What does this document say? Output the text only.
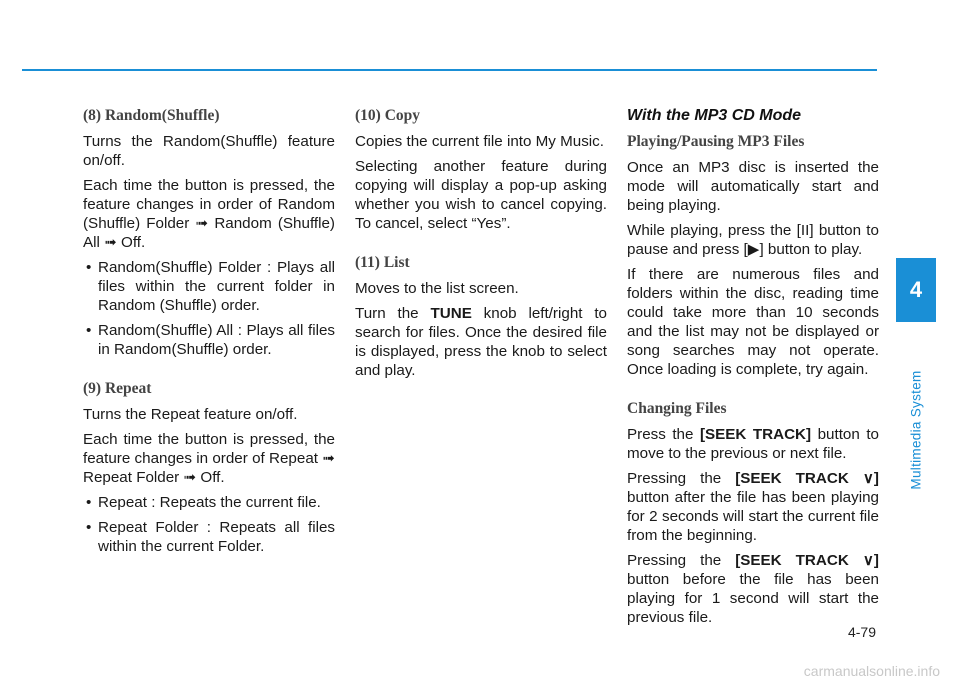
(8) Random(Shuffle)

Turns the Random(Shuffle) feature on/off.

Each time the button is pressed, the feature changes in order of Random (Shuffle) Folder ➟ Random (Shuffle) All ➟ Off.

• Random(Shuffle) Folder : Plays all files within the current folder in Random (Shuffle) order.
• Random(Shuffle) All : Plays all files in Random(Shuffle) order.
(9) Repeat

Turns the Repeat feature on/off.

Each time the button is pressed, the feature changes in order of Repeat ➟ Repeat Folder ➟ Off.

• Repeat : Repeats the current file.
• Repeat Folder : Repeats all files within the current Folder.
(10) Copy

Copies the current file into My Music.

Selecting another feature during copying will display a pop-up asking whether you wish to cancel copying. To cancel, select “Yes”.

(11) List

Moves to the list screen.

Turn the TUNE knob left/right to search for files. Once the desired file is displayed, press the knob to select and play.

With the MP3 CD Mode
Playing/Pausing MP3 Files

Once an MP3 disc is inserted the mode will automatically start and being playing.

While playing, press the [II] button to pause and press [▶] button to play.

If there are numerous files and folders within the disc, reading time could take more than 10 seconds and the list may not be displayed or song searches may not operate. Once loading is complete, try again.

Changing Files

Press the [SEEK TRACK] button to move to the previous or next file.

Pressing the [SEEK TRACK ∨] button after the file has been playing for 2 seconds will start the current file from the beginning.

Pressing the [SEEK TRACK ∨] button before the file has been playing for 1 second will start the previous file.

4
Multimedia System
4-79
carmanualsonline.info
